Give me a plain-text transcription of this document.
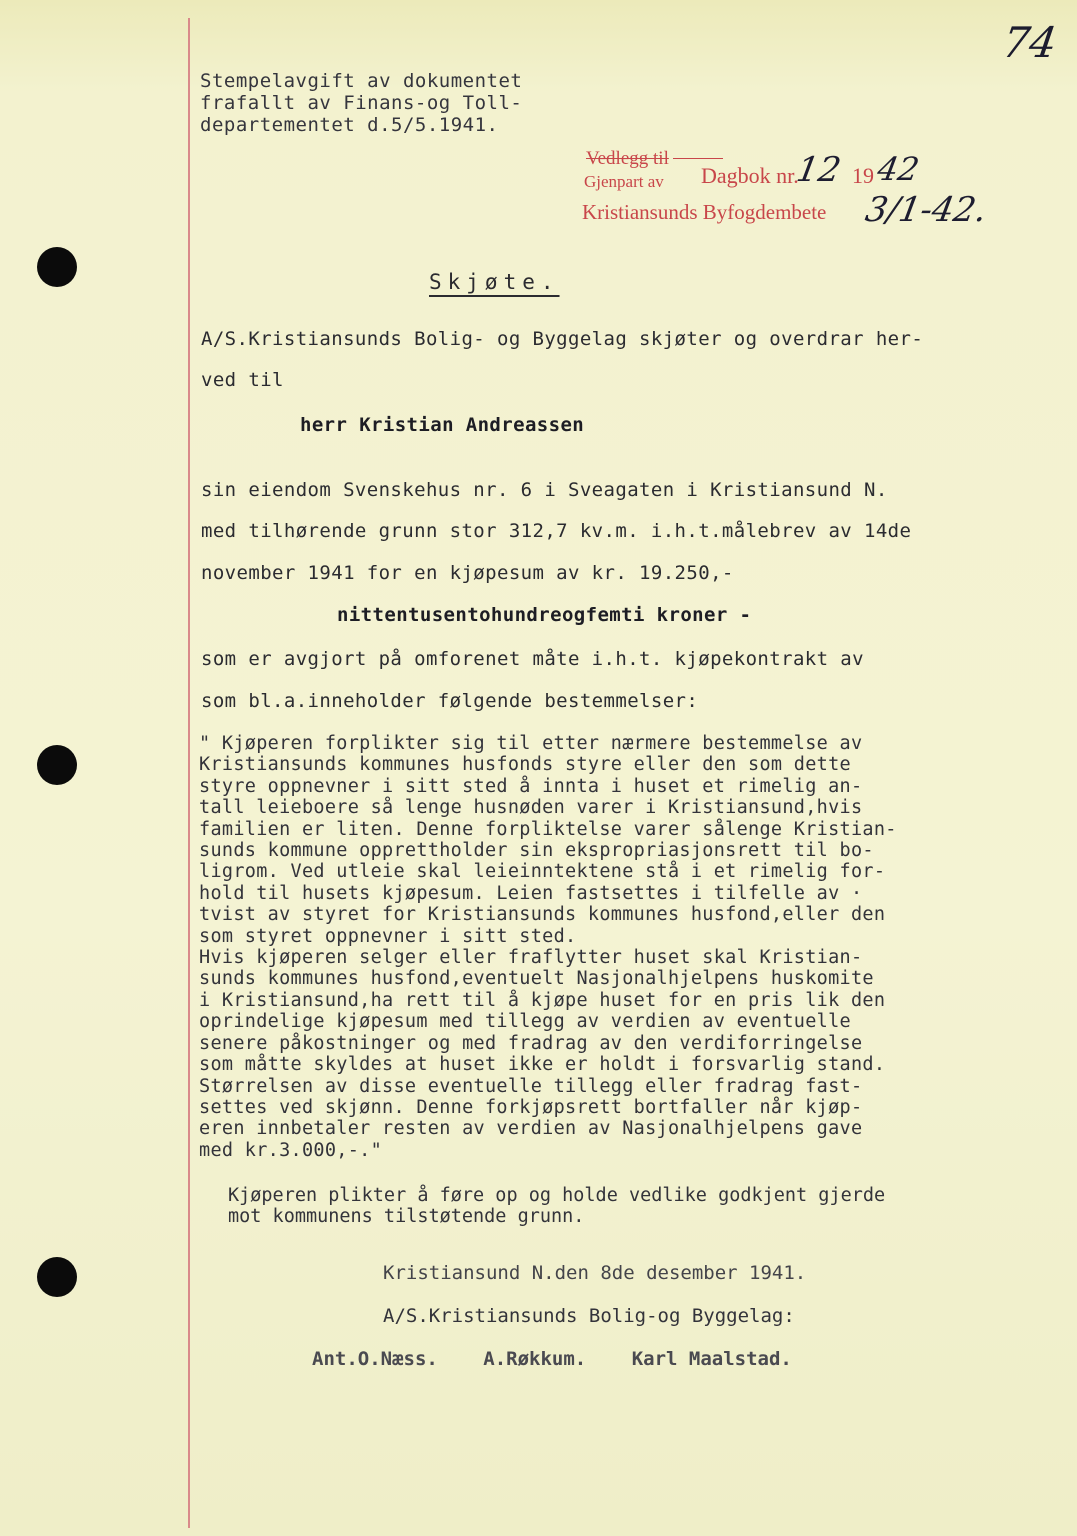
74
Stempelavgift av dokumentet
frafallt av Finans-og Toll-
departementet d.5/5.1941.
Vedlegg til
Dagbok nr.
Gjenpart av
Kristiansunds Byfogdembete
12 19 42
3/1-42.
Skjøte.
A/S.Kristiansunds Bolig- og Byggelag skjøter og overdrar her-
ved til
herr Kristian Andreassen
sin eiendom Svenskehus nr. 6 i Sveagaten i Kristiansund N.
med tilhørende grunn stor 312,7 kv.m. i.h.t.målebrev av 14de
november 1941 for en kjøpesum av kr. 19.250,-
nittentusentohundreogfemti kroner -
som er avgjort på omforenet måte i.h.t. kjøpekontrakt av
som bl.a.inneholder følgende bestemmelser:
" Kjøperen forplikter sig til etter nærmere bestemmelse av
Kristiansunds kommunes husfonds styre eller den som dette
styre oppnevner i sitt sted å innta i huset et rimelig an-
tall leieboere så lenge husnøden varer i Kristiansund,hvis
familien er liten. Denne forpliktelse varer sålenge Kristian-
sunds kommune opprettholder sin ekspropriasjonsrett til bo-
ligrom. Ved utleie skal leieinntektene stå i et rimelig for-
hold til husets kjøpesum. Leien fastsettes i tilfelle av ·
tvist av styret for Kristiansunds kommunes husfond,eller den
som styret oppnevner i sitt sted.
Hvis kjøperen selger eller fraflytter huset skal Kristian-
sunds kommunes husfond,eventuelt Nasjonalhjelpens huskomite
i Kristiansund,ha rett til å kjøpe huset for en pris lik den
oprindelige kjøpesum med tillegg av verdien av eventuelle
senere påkostninger og med fradrag av den verdiforringelse
som måtte skyldes at huset ikke er holdt i forsvarlig stand.
Størrelsen av disse eventuelle tillegg eller fradrag fast-
settes ved skjønn. Denne forkjøpsrett bortfaller når kjøp-
eren innbetaler resten av verdien av Nasjonalhjelpens gave
med kr.3.000,-."
Kjøperen plikter å føre op og holde vedlike godkjent gjerde
mot kommunens tilstøtende grunn.
Kristiansund N.den 8de desember 1941.
A/S.Kristiansunds Bolig-og Byggelag:
Ant.O.Næss. A.Røkkum. Karl Maalstad.
